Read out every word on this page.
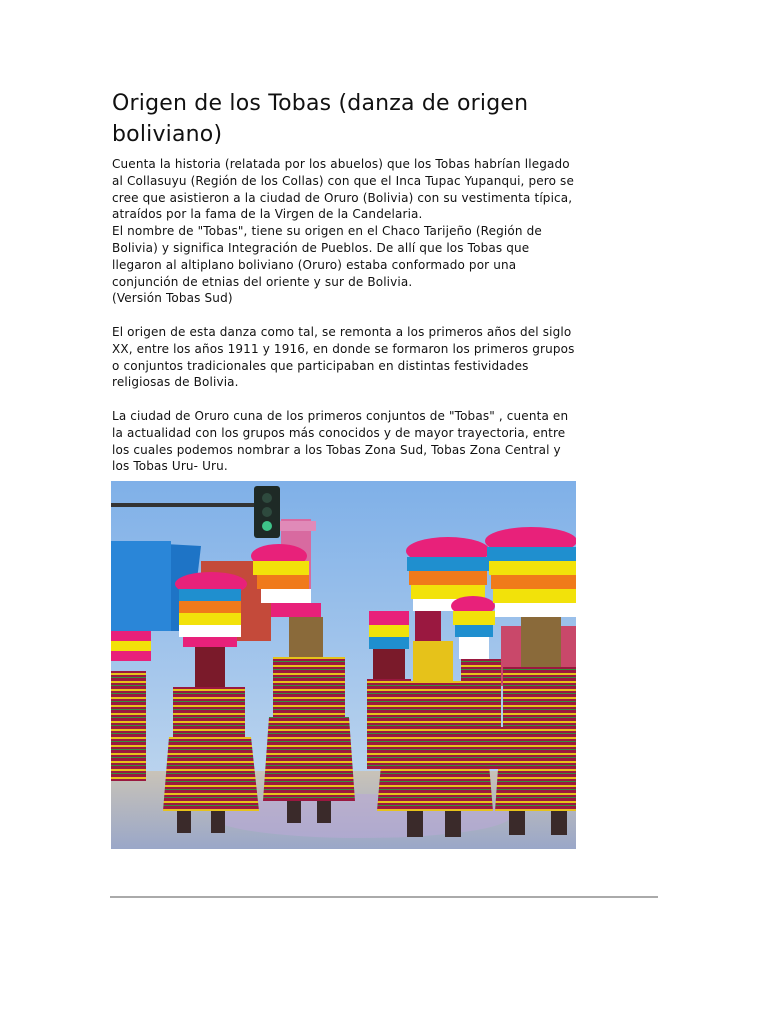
Origen de los Tobas (danza de origen boliviano)

Cuenta la historia (relatada por los abuelos) que los Tobas habrían llegado al Collasuyu (Región de los Collas) con que el Inca Tupac Yupanqui, pero se cree que asistieron a la ciudad de Oruro (Bolivia) con su vestimenta típica, atraídos por la fama de la Virgen de la Candelaria.

El nombre de "Tobas", tiene su origen en el Chaco Tarijeño (Región de Bolivia) y significa Integración de Pueblos. De allí que los Tobas que llegaron al altiplano boliviano (Oruro) estaba conformado por una conjunción de etnias del oriente y sur de Bolivia.

(Versión Tobas Sud)

El origen de esta danza como tal, se remonta a los primeros años del siglo XX, entre los años 1911 y 1916, en donde se formaron los primeros grupos o conjuntos tradicionales que participaban en distintas festividades religiosas de Bolivia.

La ciudad de Oruro cuna de los primeros conjuntos de "Tobas" , cuenta en la actualidad con los grupos más conocidos y de mayor trayectoria, entre los cuales podemos nombrar a los Tobas Zona Sud, Tobas Zona Central y los Tobas Uru- Uru.
